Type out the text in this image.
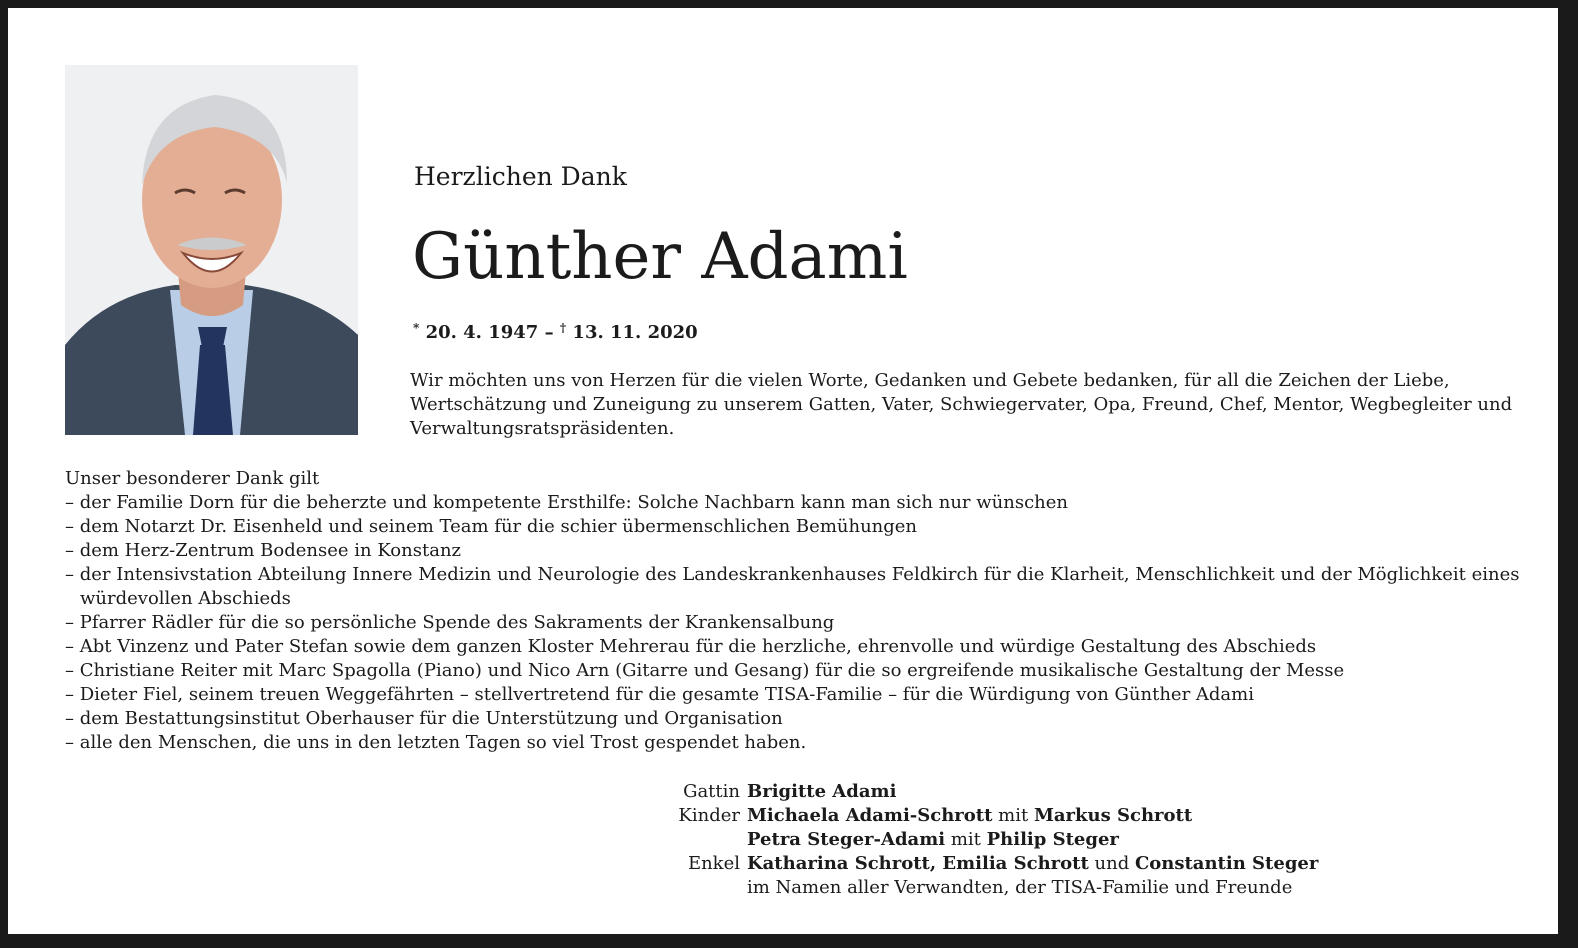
Herzlichen Dank
Günther Adami
* 20. 4. 1947 – † 13. 11. 2020

Wir möchten uns von Herzen für die vielen Worte, Gedanken und Gebete bedanken, für all die Zeichen der Liebe, Wertschätzung und Zuneigung zu unserem Gatten, Vater, Schwiegervater, Opa, Freund, Chef, Mentor, Wegbegleiter und Verwaltungsratspräsidenten.

Unser besonderer Dank gilt

– der Familie Dorn für die beherzte und kompetente Ersthilfe: Solche Nachbarn kann man sich nur wünschen
– dem Notarzt Dr. Eisenheld und seinem Team für die schier übermenschlichen Bemühungen
– dem Herz-Zentrum Bodensee in Konstanz
– der Intensivstation Abteilung Innere Medizin und Neurologie des Landeskrankenhauses Feldkirch für die Klarheit, Menschlichkeit und der Möglichkeit eines würdevollen Abschieds
– Pfarrer Rädler für die so persönliche Spende des Sakraments der Krankensalbung
– Abt Vinzenz und Pater Stefan sowie dem ganzen Kloster Mehrerau für die herzliche, ehrenvolle und würdige Gestaltung des Abschieds
– Christiane Reiter mit Marc Spagolla (Piano) und Nico Arn (Gitarre und Gesang) für die so ergreifende musikalische Gestaltung der Messe
– Dieter Fiel, seinem treuen Weggefährten – stellvertretend für die gesamte TISA-Familie – für die Würdigung von Günther Adami
– dem Bestattungsinstitut Oberhauser für die Unterstützung und Organisation
– alle den Menschen, die uns in den letzten Tagen so viel Trost gespendet haben.
Gattin Brigitte Adami
Kinder Michaela Adami-Schrott mit Markus Schrott
Petra Steger-Adami mit Philip Steger
Enkel Katharina Schrott, Emilia Schrott und Constantin Steger
im Namen aller Verwandten, der TISA-Familie und Freunde
